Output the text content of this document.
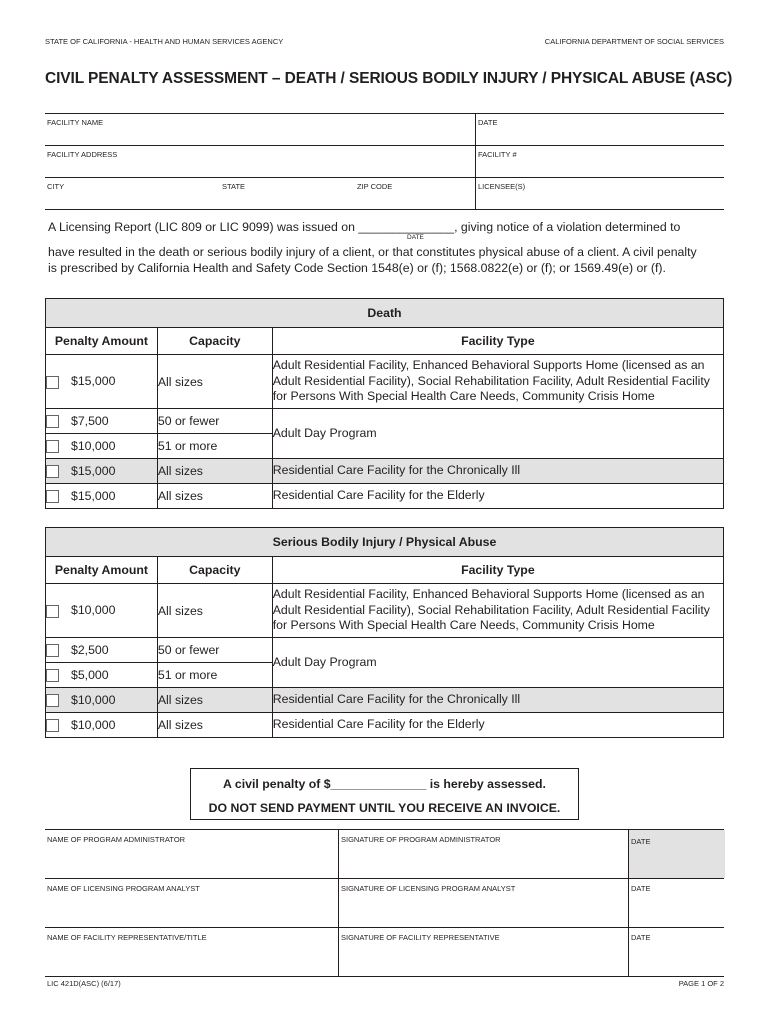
STATE OF CALIFORNIA - HEALTH AND HUMAN SERVICES AGENCY	CALIFORNIA DEPARTMENT OF SOCIAL SERVICES
CIVIL PENALTY ASSESSMENT – DEATH / SERIOUS BODILY INJURY / PHYSICAL ABUSE (ASC)
FACILITY NAME	DATE
FACILITY ADDRESS	FACILITY #
CITY	STATE	ZIP CODE	LICENSEE(S)
A Licensing Report (LIC 809 or LIC 9099) was issued on ______________, giving notice of a violation determined to
DATE
have resulted in the death or serious bodily injury of a client, or that constitutes physical abuse of a client. A civil penalty
is prescribed by California Health and Safety Code Section 1548(e) or (f); 1568.0822(e) or (f); or 1569.49(e) or (f).
Death		
Penalty Amount	Capacity	Facility Type
$15,000	All sizes	Adult Residential Facility, Enhanced Behavioral Supports Home (licensed as an Adult Residential Facility), Social Rehabilitation Facility, Adult Residential Facility for Persons With Special Health Care Needs, Community Crisis Home
$7,500	50 or fewer	Adult Day Program
$10,000	51 or more	
$15,000	All sizes	Residential Care Facility for the Chronically Ill
$15,000	All sizes	Residential Care Facility for the Elderly
Serious Bodily Injury / Physical Abuse		
Penalty Amount	Capacity	Facility Type
$10,000	All sizes	Adult Residential Facility, Enhanced Behavioral Supports Home (licensed as an Adult Residential Facility), Social Rehabilitation Facility, Adult Residential Facility for Persons With Special Health Care Needs, Community Crisis Home
$2,500	50 or fewer	Adult Day Program
$5,000	51 or more	
$10,000	All sizes	Residential Care Facility for the Chronically Ill
$10,000	All sizes	Residential Care Facility for the Elderly
A civil penalty of $______________ is hereby assessed.
DO NOT SEND PAYMENT UNTIL YOU RECEIVE AN INVOICE.
NAME OF PROGRAM ADMINISTRATOR	SIGNATURE OF PROGRAM ADMINISTRATOR	DATE
NAME OF LICENSING PROGRAM ANALYST	SIGNATURE OF LICENSING PROGRAM ANALYST	DATE
NAME OF FACILITY REPRESENTATIVE/TITLE	SIGNATURE OF FACILITY REPRESENTATIVE	DATE
LIC 421D(ASC) (6/17)	PAGE 1 OF 2
